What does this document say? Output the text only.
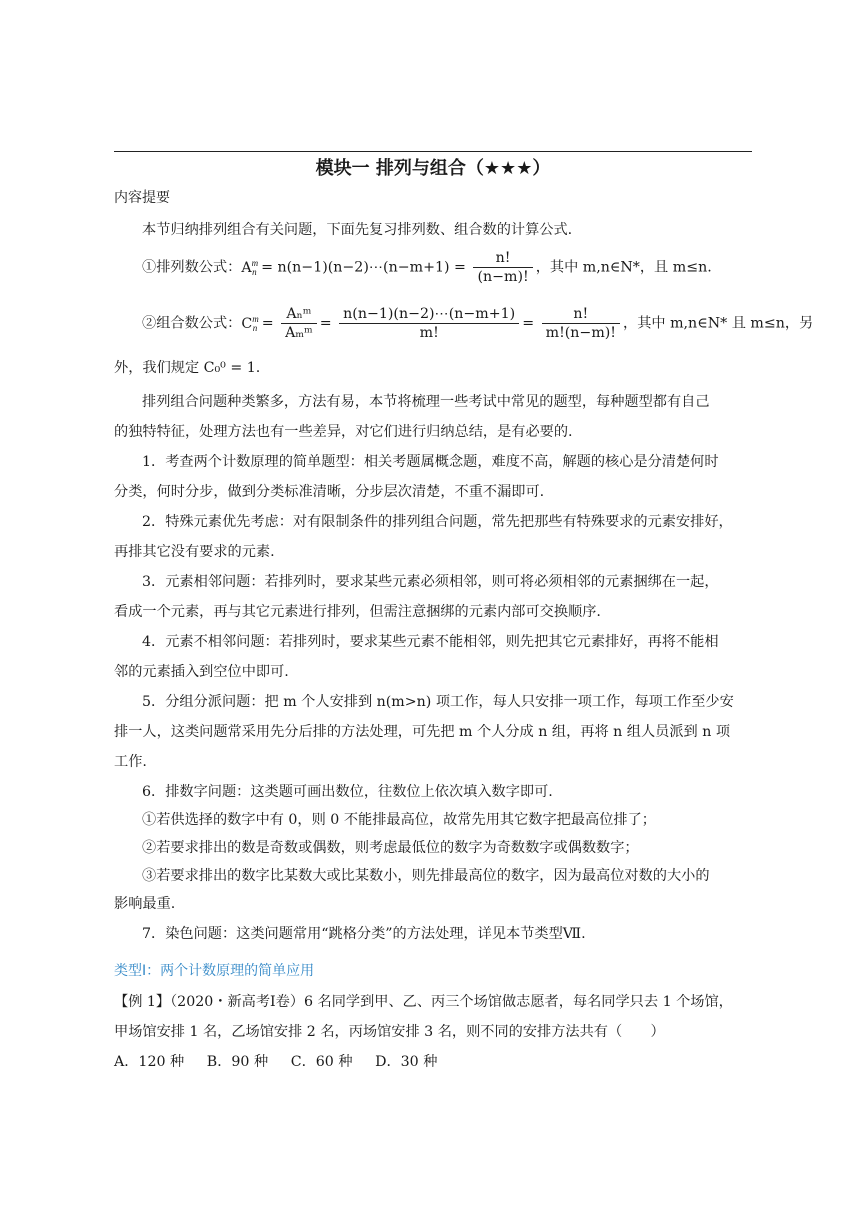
模块一 排列与组合（★★★）
内容提要
本节归纳排列组合有关问题，下面先复习排列数、组合数的计算公式.
①排列数公式：$A^m_n$ = n(n−1)(n−2)⋯(n−m+1) = $\frac{n!}{(n-m)!}$ ，其中 m,n∈N*，且 m≤n.
②组合数公式：$C^m_n = \frac{\text{Aₙᵐ}}{\text{Aₘᵐ}} = \frac{n(n-1)(n-2)\cdots(n-m+1)}{m!} = \frac{n!}{m!(n-m)!}$ ，其中 m,n∈N* 且 m≤n，另
外，我们规定 C₀⁰ = 1.
排列组合问题种类繁多，方法有易，本节将梳理一些考试中常见的题型，每种题型都有自己
的独特特征，处理方法也有一些差异，对它们进行归纳总结，是有必要的.
1．考查两个计数原理的简单题型：相关考题属概念题，难度不高，解题的核心是分清楚何时
分类，何时分步，做到分类标准清晰，分步层次清楚，不重不漏即可.
2．特殊元素优先考虑：对有限制条件的排列组合问题，常先把那些有特殊要求的元素安排好，
再排其它没有要求的元素.
3．元素相邻问题：若排列时，要求某些元素必须相邻，则可将必须相邻的元素捆绑在一起，
看成一个元素，再与其它元素进行排列，但需注意捆绑的元素内部可交换顺序.
4．元素不相邻问题：若排列时，要求某些元素不能相邻，则先把其它元素排好，再将不能相
邻的元素插入到空位中即可.
5．分组分派问题：把 m 个人安排到 n(m>n) 项工作，每人只安排一项工作，每项工作至少安
排一人，这类问题常采用先分后排的方法处理，可先把 m 个人分成 n 组，再将 n 组人员派到 n 项
工作.
6．排数字问题：这类题可画出数位，往数位上依次填入数字即可.
①若供选择的数字中有 0，则 0 不能排最高位，故常先用其它数字把最高位排了；
②若要求排出的数是奇数或偶数，则考虑最低位的数字为奇数数字或偶数数字；
③若要求排出的数字比某数大或比某数小，则先排最高位的数字，因为最高位对数的大小的
影响最重.
7．染色问题：这类问题常用“跳格分类”的方法处理，详见本节类型Ⅶ.
类型Ⅰ：两个计数原理的简单应用
【例 1】（2020・新高考Ⅰ卷）6 名同学到甲、乙、丙三个场馆做志愿者，每名同学只去 1 个场馆，
甲场馆安排 1 名，乙场馆安排 2 名，丙场馆安排 3 名，则不同的安排方法共有（　　）
A．120 种 B．90 种 C．60 种 D．30 种
